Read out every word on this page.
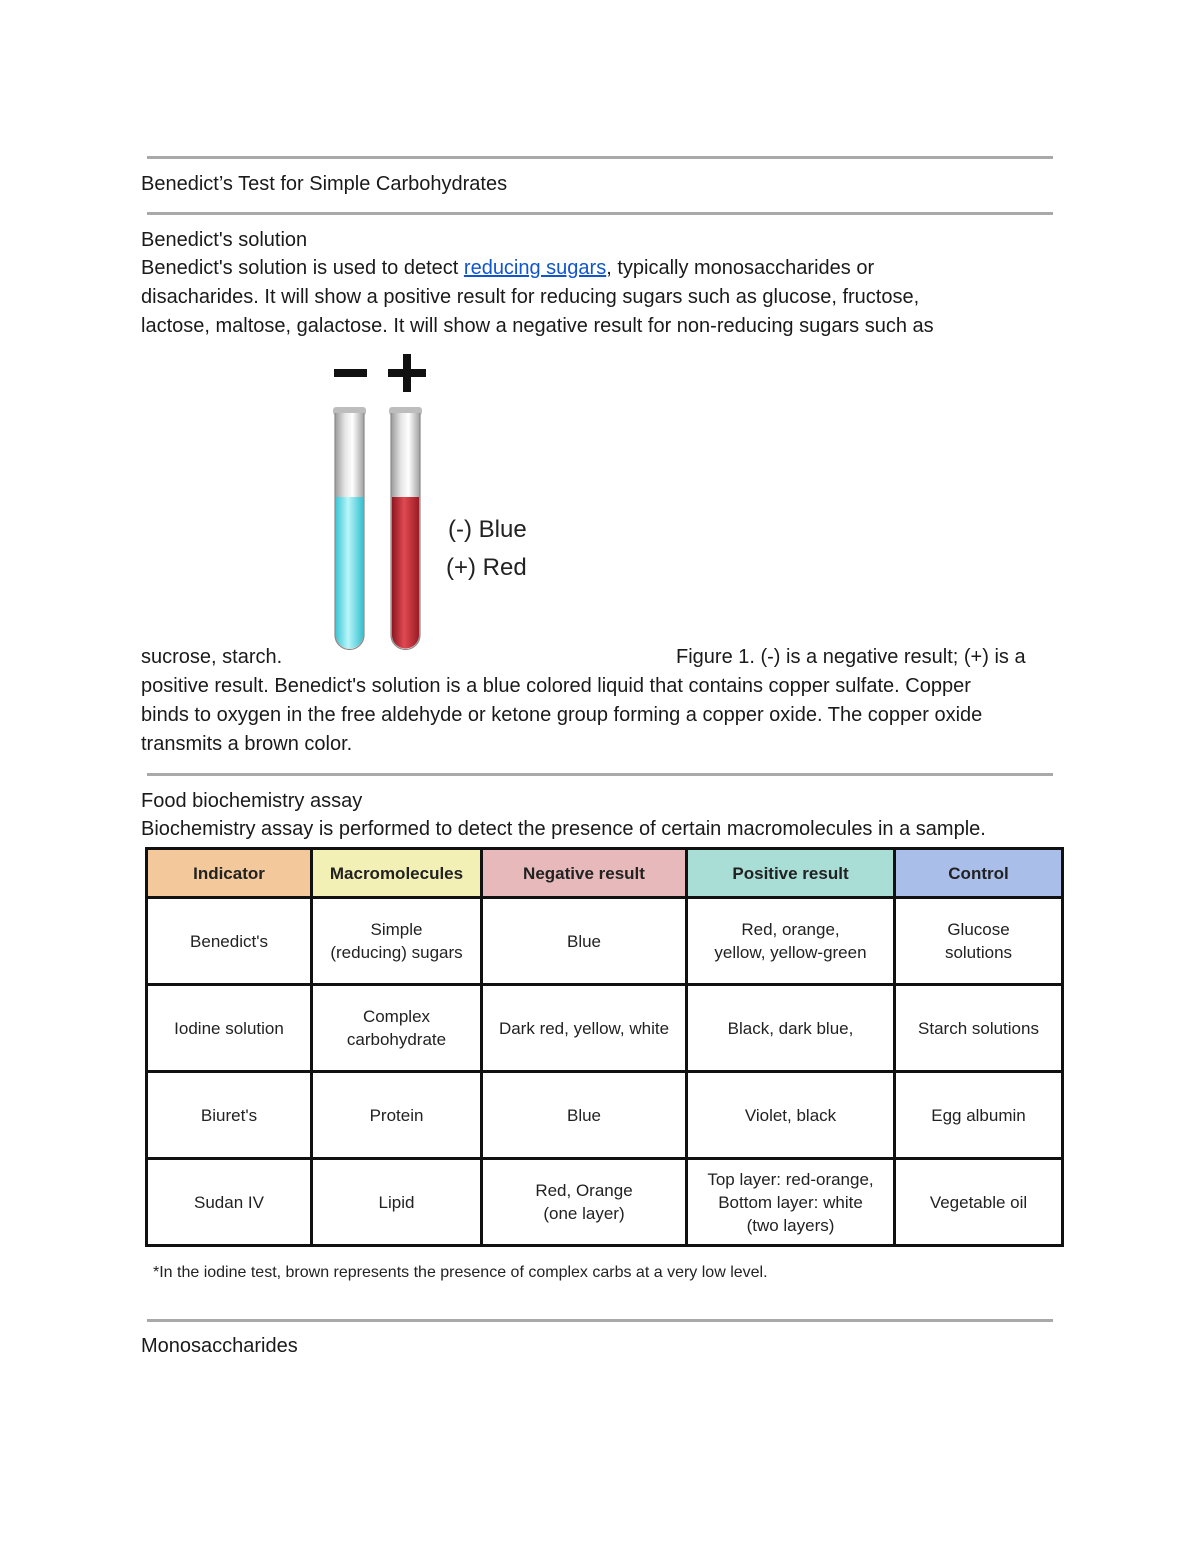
Benedict’s Test for Simple Carbohydrates
Benedict's solution

Benedict's solution is used to detect reducing sugars, typically monosaccharides or

disacharides. It will show a positive result for reducing sugars such as glucose, fructose,

lactose, maltose, galactose. It will show a negative result for non-reducing sugars such as

(-) Blue
(+) Red
sucrose, starch.	Figure 1. (-) is a negative result; (+) is a

positive result. Benedict's solution is a blue colored liquid that contains copper sulfate. Copper

binds to oxygen in the free aldehyde or ketone group forming a copper oxide. The copper oxide

transmits a brown color.

Food biochemistry assay
Biochemistry assay is performed to detect the presence of certain macromolecules in a sample.
Indicator	Macromolecules	Negative result	Positive result	Control
Benedict's	Simple
(reducing) sugars	Blue	Red, orange,
yellow, yellow-green	Glucose
solutions
Iodine solution	Complex
carbohydrate	Dark red, yellow, white	Black, dark blue,	Starch solutions
Biuret's	Protein	Blue	Violet, black	Egg albumin
Sudan IV	Lipid	Red, Orange
(one layer)	Top layer: red-orange,
Bottom layer: white
(two layers)	Vegetable oil
*In the iodine test, brown represents the presence of complex carbs at a very low level.
Monosaccharides
